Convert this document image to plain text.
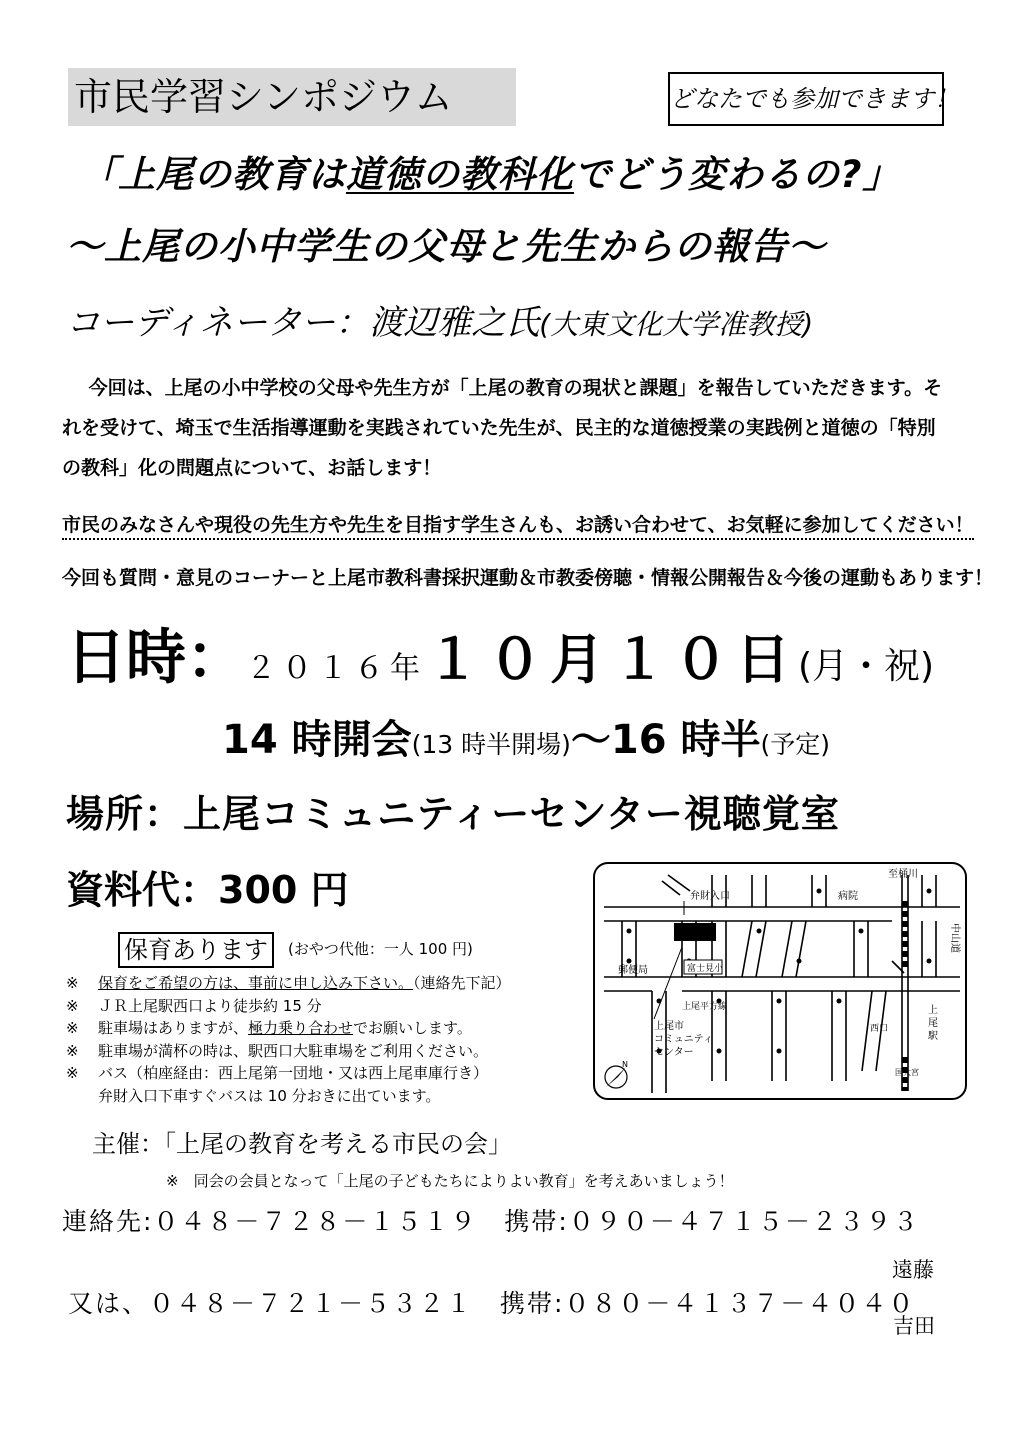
市民学習シンポジウム	どなたでも参加できます！
「上尾の教育は道徳の教科化でどう変わるの?」
～上尾の小中学生の父母と先生からの報告～
コーディネーター：渡辺雅之氏(大東文化大学准教授)
今回は、上尾の小中学校の父母や先生方が「上尾の教育の現状と課題」を報告していただきます。それを受けて、埼玉で生活指導運動を実践されていた先生が、民主的な道徳授業の実践例と道徳の「特別の教科」化の問題点について、お話します！
市民のみなさんや現役の先生方や先生を目指す学生さんも、お誘い合わせて、お気軽に参加してください！
今回も質問・意見のコーナーと上尾市教科書採択運動＆市教委傍聴・情報公開報告＆今後の運動もあります！
日時：２０１６年１０月１０日(月・祝)
14 時開会(13 時半開場)～16 時半(予定)
場所：上尾コミュニティーセンター視聴覚室
資料代：300 円
保育あります	(おやつ代他：一人 100 円)
※ 保育をご希望の方は、事前に申し込み下さい。（連絡先下記）
※ ＪＲ上尾駅西口より徒歩約 15 分
※ 駐車場はありますが、極力乗り合わせでお願いします。
※ 駐車場が満杯の時は、駅西口大駐車場をご利用ください。
※ バス（柏座経由：西上尾第一団地・又は西上尾車庫行き）
弁財入口下車すぐバスは 10 分おきに出ています。
弁財入口	病院
郵便局	富士見小
上尾平方線
上尾市
コミュニティ
センター
西口
国大宮
至桶川
上
尾
駅
中山道
N
主催：「上尾の教育を考える市民の会」
※　同会の会員となって「上尾の子どもたちによりよい教育」を考えあいましょう！
連絡先:０４８－７２８－１５１９　携帯:０９０－４７１５－２３９３
遠藤
又は、０４８－７２１－５３２１　携帯:０８０－４１３７－４０４０
吉田
